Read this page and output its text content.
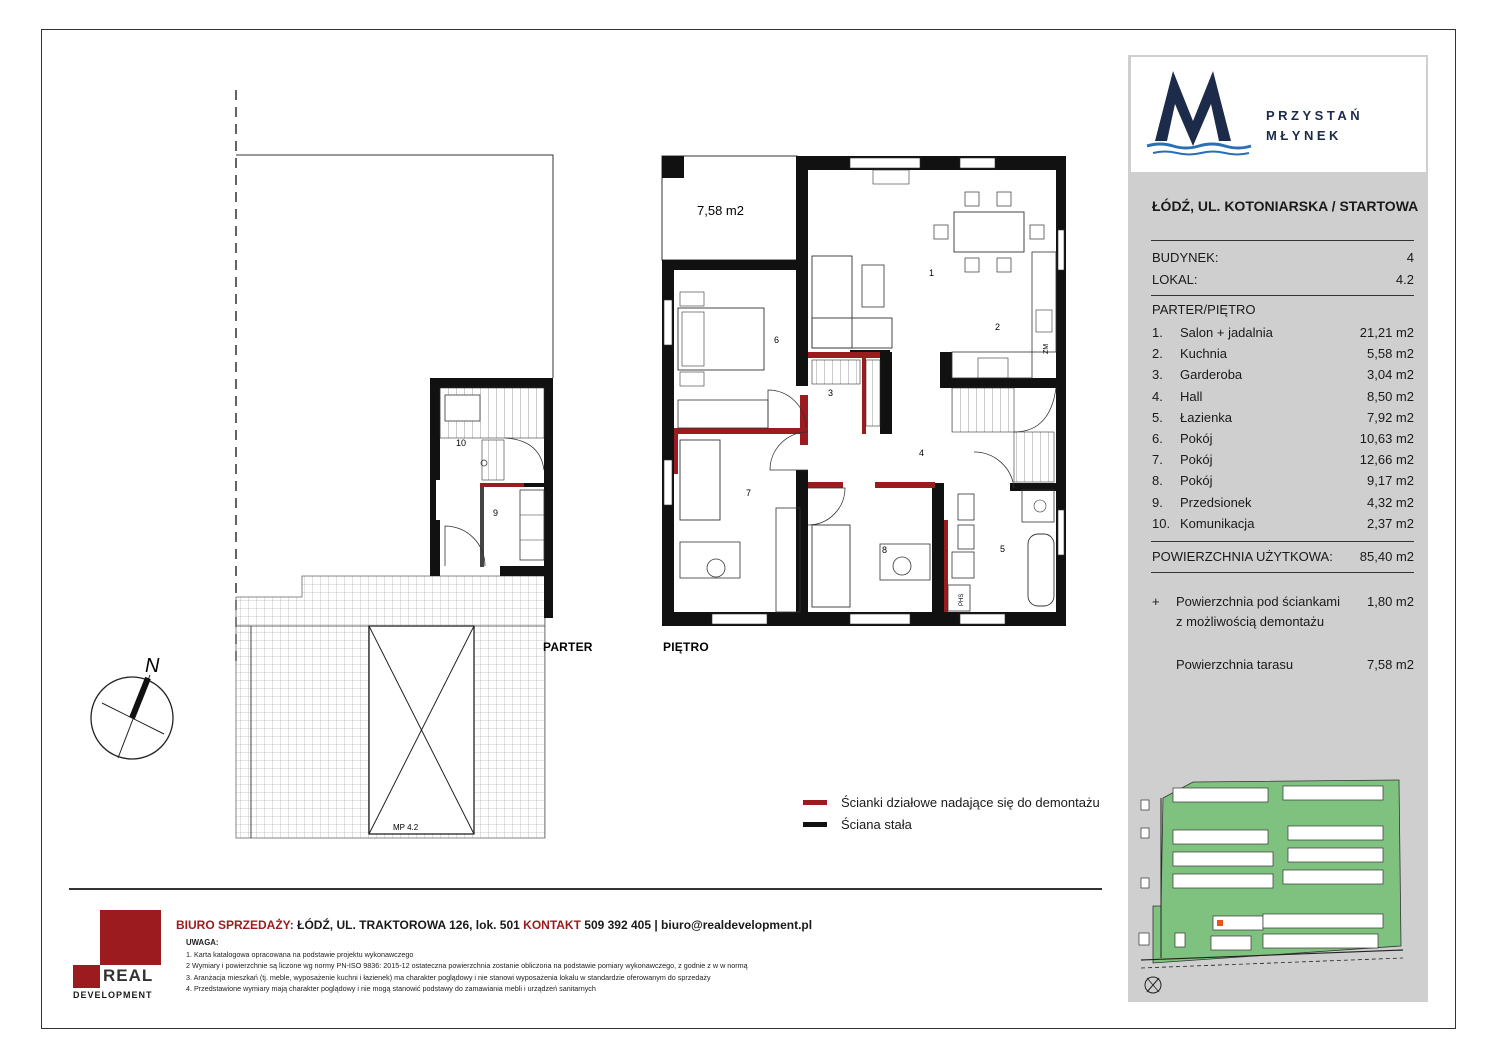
10
9
PARTER
MP 4.2
7,58 m2
ZM
PHS
1
2
3
4
5
6
7
8
PIĘTRO
N
Ścianki działowe nadające się do demontażu
Ściana stała
PRZYSTAŃ
MŁYNEK
ŁÓDŹ, UL. KOTONIARSKA / STARTOWA
BUDYNEK:	4
LOKAL:	4.2
PARTER/PIĘTRO
1.	Salon + jadalnia	21,21 m2
2.	Kuchnia	5,58 m2
3.	Garderoba	3,04 m2
4.	Hall	8,50 m2
5.	Łazienka	7,92 m2
6.	Pokój	10,63 m2
7.	Pokój	12,66 m2
8.	Pokój	9,17 m2
9.	Przedsionek	4,32 m2
10. Komunikacja	2,37 m2
POWIERZCHNIA UŻYTKOWA: 85,40 m2
+ Powierzchnia pod ściankami
z możliwością demontażu
1,80 m2
Powierzchnia tarasu	7,58 m2
REAL
DEVELOPMENT
BIURO SPRZEDAŻY: ŁÓDŹ, UL. TRAKTOROWA 126, lok. 501 KONTAKT 509 392 405 | biuro@realdevelopment.pl
UWAGA:
1. Karta katalogowa opracowana na podstawie projektu wykonawczego
2 Wymiary i powierzchnie są liczone wg normy PN-ISO 9836: 2015-12 ostateczna powierzchnia zostanie obliczona na podstawie pomiary wykonawczego, z godnie z w w normą
3. Aranżacja mieszkań (tj. meble, wyposażenie kuchni i łazienek) ma charakter poglądowy i nie stanowi wyposażenia lokalu w standardzie oferowanym do sprzedaży
4. Przedstawione wymiary mają charakter poglądowy i nie mogą stanowić podstawy do zamawiania mebli i urządzeń sanitarnych
